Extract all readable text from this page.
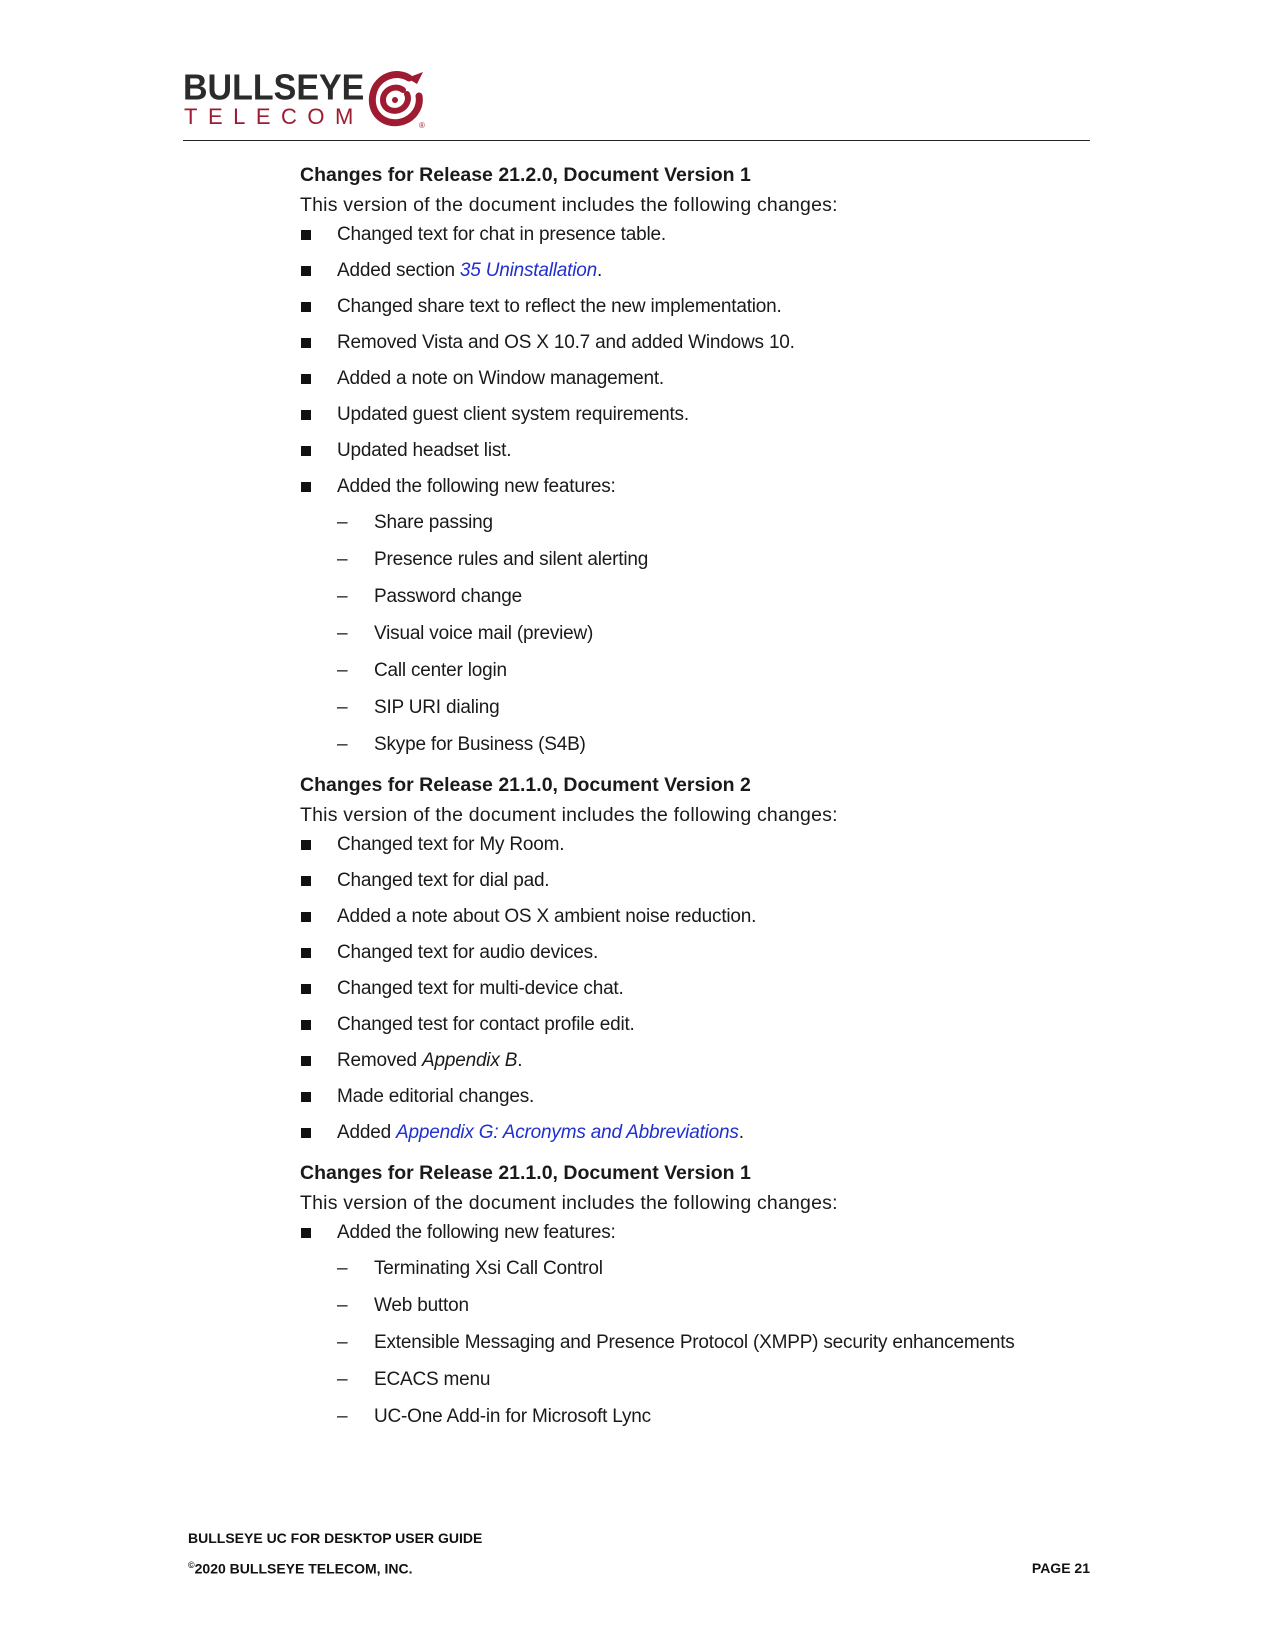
BULLSEYE
TELECOM	®

Changes for Release 21.2.0, Document Version 1

This version of the document includes the following changes:

Changed text for chat in presence table.
Added section 35 Uninstallation.
Changed share text to reflect the new implementation.
Removed Vista and OS X 10.7 and added Windows 10.
Added a note on Window management.
Updated guest client system requirements.
Updated headset list.
Added the following new features:
– Share passing
– Presence rules and silent alerting
– Password change
– Visual voice mail (preview)
– Call center login
– SIP URI dialing
– Skype for Business (S4B)

Changes for Release 21.1.0, Document Version 2

This version of the document includes the following changes:

Changed text for My Room.
Changed text for dial pad.
Added a note about OS X ambient noise reduction.
Changed text for audio devices.
Changed text for multi-device chat.
Changed test for contact profile edit.
Removed Appendix B.
Made editorial changes.
Added Appendix G: Acronyms and Abbreviations.

Changes for Release 21.1.0, Document Version 1

This version of the document includes the following changes:

Added the following new features:
– Terminating Xsi Call Control
– Web button
– Extensible Messaging and Presence Protocol (XMPP) security enhancements
– ECACS menu
– UC-One Add-in for Microsoft Lync
BULLSEYE UC FOR DESKTOP USER GUIDE
©2020 BULLSEYE TELECOM, INC.	PAGE 21
